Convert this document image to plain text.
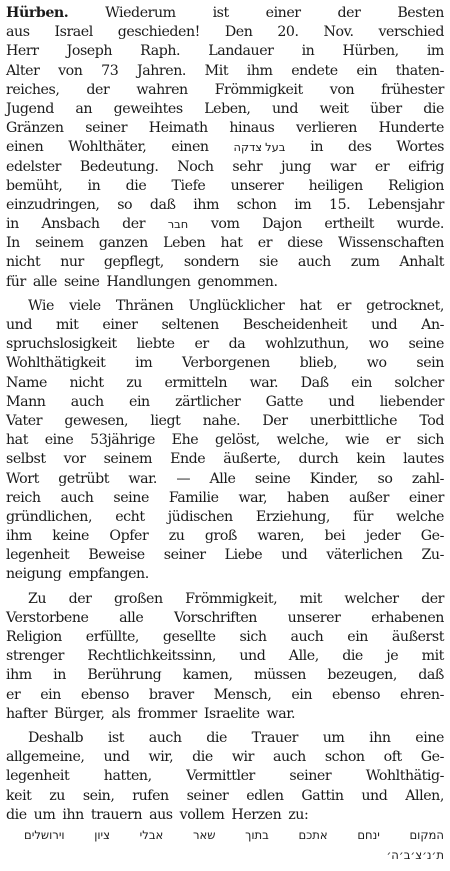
Hürben.	Wiederum	ist	einer	der	Besten
aus Israel geschieden! Den 20. Nov. verschied
Herr Joseph Raph. Landauer in Hürben, im
Alter von 73 Jahren. Mit ihm endete ein thaten-
reiches, der wahren Frömmigkeit von frühester
Jugend an geweihtes Leben, und weit über die
Gränzen seiner Heimath hinaus verlieren Hunderte
einen Wohlthäter, einen בעל צדקה in des Wortes
edelster Bedeutung. Noch sehr jung war er eifrig
bemüht, in die Tiefe unserer heiligen Religion
einzudringen, so daß ihm schon im 15. Lebensjahr
in Ansbach der חבר vom Dajon ertheilt wurde.
In seinem ganzen Leben hat er diese Wissenschaften
nicht nur gepflegt, sondern sie auch zum Anhalt
für alle seine Handlungen genommen.
Wie viele Thränen Unglücklicher hat er getrocknet,
und mit einer seltenen Bescheidenheit und An-
spruchslosigkeit liebte er da wohlzuthun, wo seine
Wohlthätigkeit im Verborgenen blieb, wo sein
Name nicht zu ermitteln war. Daß ein solcher
Mann auch ein zärtlicher Gatte und liebender
Vater gewesen, liegt nahe. Der unerbittliche Tod
hat eine 53jährige Ehe gelöst, welche, wie er sich
selbst vor seinem Ende äußerte, durch kein lautes
Wort getrübt war. — Alle seine Kinder, so zahl-
reich auch seine Familie war, haben außer einer
gründlichen, echt jüdischen Erziehung, für welche
ihm keine Opfer zu groß waren, bei jeder Ge-
legenheit Beweise seiner Liebe und väterlichen Zu-
neigung empfangen.
Zu der großen Frömmigkeit, mit welcher der
Verstorbene alle Vorschriften unserer erhabenen
Religion erfüllte, gesellte sich auch ein äußerst
strenger Rechtlichkeitssinn, und Alle, die je mit
ihm in Berührung kamen, müssen bezeugen, daß
er ein ebenso braver Mensch, ein ebenso ehren-
hafter Bürger, als frommer Israelite war.
Deshalb ist auch die Trauer um ihn eine
allgemeine, und wir, die wir auch schon oft Ge-
legenheit hatten, Vermittler seiner Wohlthätig-
keit zu sein, rufen seiner edlen Gattin und Allen,
die um ihn trauern aus vollem Herzen zu:
המקום
ינחם
אתכם
בתוך
שאר
אבלי
ציון
וירושלים
ת׳נ׳צ׳ב׳ה׳
